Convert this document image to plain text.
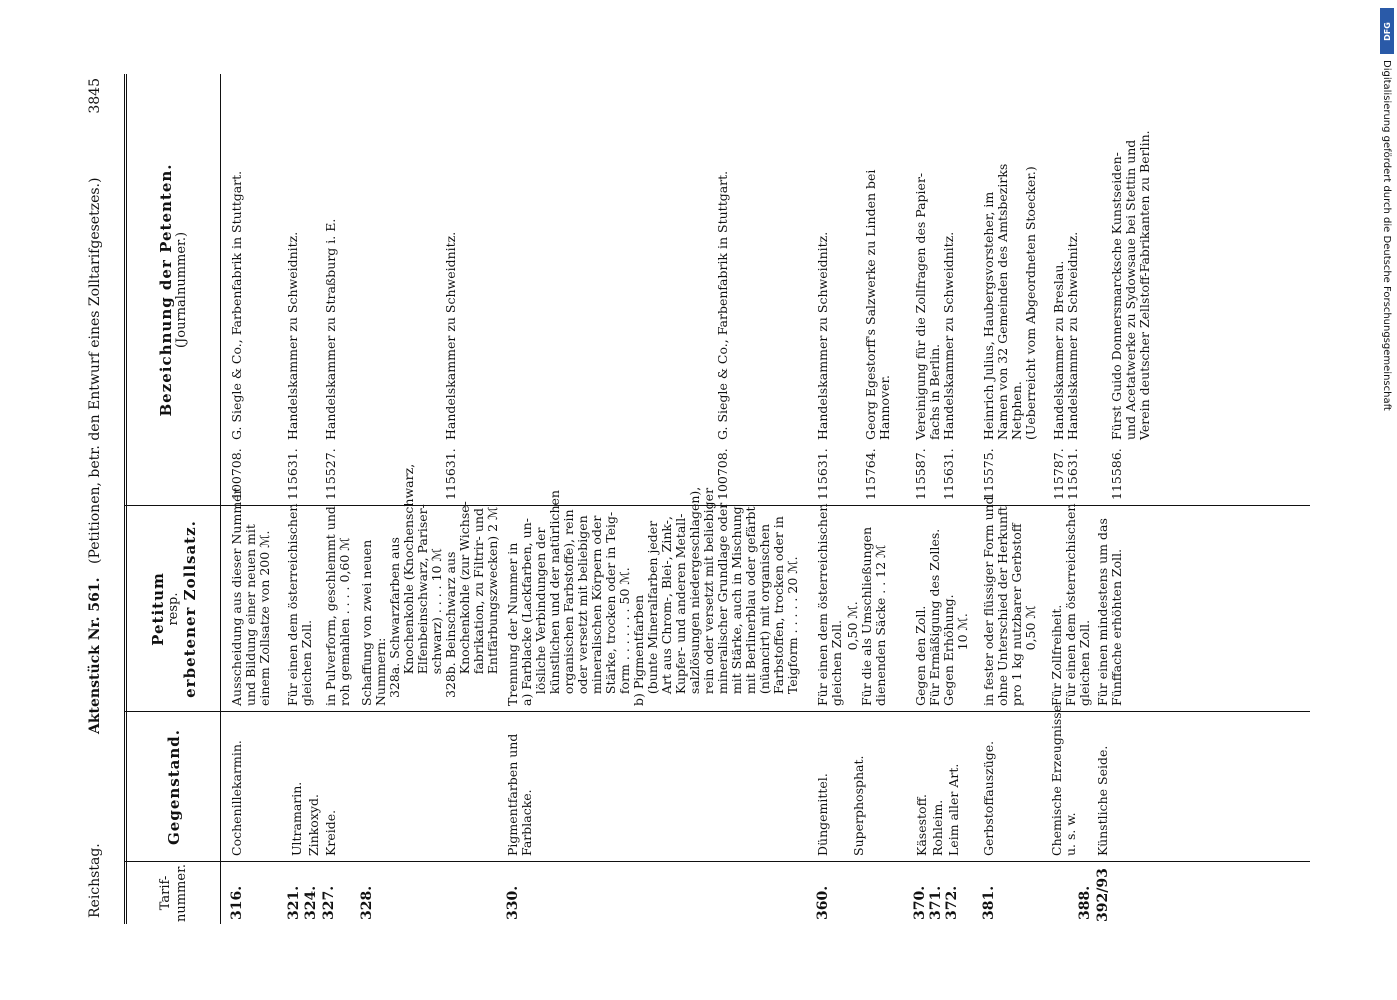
Reichstag.
Aktenstück Nr. 561.
(Petitionen, betr. den Entwurf eines Zolltarifgesetzes.)
3845
Tarif- nummer.
Gegenstand.
Petitum resp. erbetener Zollsatz.
Bezeichnung der Petenten. (Journalnummer.)
316.
Cochenillekarmin.
Ausscheidung aus dieser Nummer
und Bildung einer neuen mit
einem Zollsatze von 200 ℳ.
100708.
G. Siegle & Co., Farbenfabrik in Stuttgart.
321.
324.
Ultramarin.
Zinkoxyd.
Für einen dem österreichischen
gleichen Zoll.
115631.
Handelskammer zu Schweidnitz.
327.
Kreide.
in Pulverform, geschlemmt und
roh gemahlen . . . . 0,60 ℳ
115527.
Handelskammer zu Straßburg i. E.
328.
Schaffung von zwei neuen
Nummern:
328a. Schwarzfarben aus
Knochenkohle (Knochenschwarz,
Elfenbeinschwarz, Pariser-
schwarz) . . . . 10 ℳ
328b. Beinschwarz aus
Knochenkohle (zur Wichse-
fabrikation, zu Filtrir- und
Entfärbungszwecken) 2 ℳ
115631.
Handelskammer zu Schweidnitz.
330.
Pigmentfarben und
Farblacke.
Trennung der Nummer in
a) Farblacke (Lackfarben, un-
lösliche Verbindungen der
künstlichen und der natürlichen
organischen Farbstoffe), rein
oder versetzt mit beliebigen
mineralischen Körpern oder
Stärke, trocken oder in Teig-
form . . . . . . . 50 ℳ.
b) Pigmentfarben
(bunte Mineralfarben jeder
Art aus Chrom-, Blei-, Zink-,
Kupfer- und anderen Metall-
salzlösungen niedergeschlagen),
rein oder versetzt mit beliebiger
mineralischer Grundlage oder
mit Stärke, auch in Mischung
mit Berlinerblau oder gefärbt
(nüancirt) mit organischen
Farbstoffen, trocken oder in
Teigform . . . . . 20 ℳ.
100708.
G. Siegle & Co., Farbenfabrik in Stuttgart.
360.
Düngemittel.
Für einen dem österreichischen
gleichen Zoll.
115631.
Handelskammer zu Schweidnitz.
Superphosphat.
0,50 ℳ.
Für die als Umschließungen
dienenden Säcke . . 12 ℳ
115764.
Georg Egestorff's Salzwerke zu Linden bei
Hannover.
370.
371.
372.
Käsestoff.
Rohleim.
Leim aller Art.
Gegen den Zoll.
Für Ermäßigung des Zolles.
Gegen Erhöhung.
10 ℳ.
115587.

115631.
Vereinigung für die Zollfragen des Papier-
fachs in Berlin.
Handelskammer zu Schweidnitz.
381.
Gerbstoffauszüge.
in fester oder flüssiger Form und
ohne Unterschied der Herkunft
pro 1 kg nutzbarer Gerbstoff
0,50 ℳ
115575.
Heinrich Julius, Haubergsvorsteher, im
Namen von 32 Gemeinden des Amtsbezirks
Netphen.
(Ueberreicht vom Abgeordneten Stoecker.)
388.
Chemische Erzeugnisse
u. s. w.
Für Zollfreiheit.
Für einen dem österreichischen
gleichen Zoll.
115787.
115631.
Handelskammer zu Breslau.
Handelskammer zu Schweidnitz.
392/93
Künstliche Seide.
Für einen mindestens um das
Fünffache erhöhten Zoll.
115586.
Fürst Guido Donnersmarcksche Kunstseiden-
und Acetatwerke zu Sydowsaue bei Stettin und
Verein deutscher Zellstoff-Fabrikanten zu Berlin.
DFG
Digitalisierung gefördert durch die Deutsche Forschungsgemeinschaft
